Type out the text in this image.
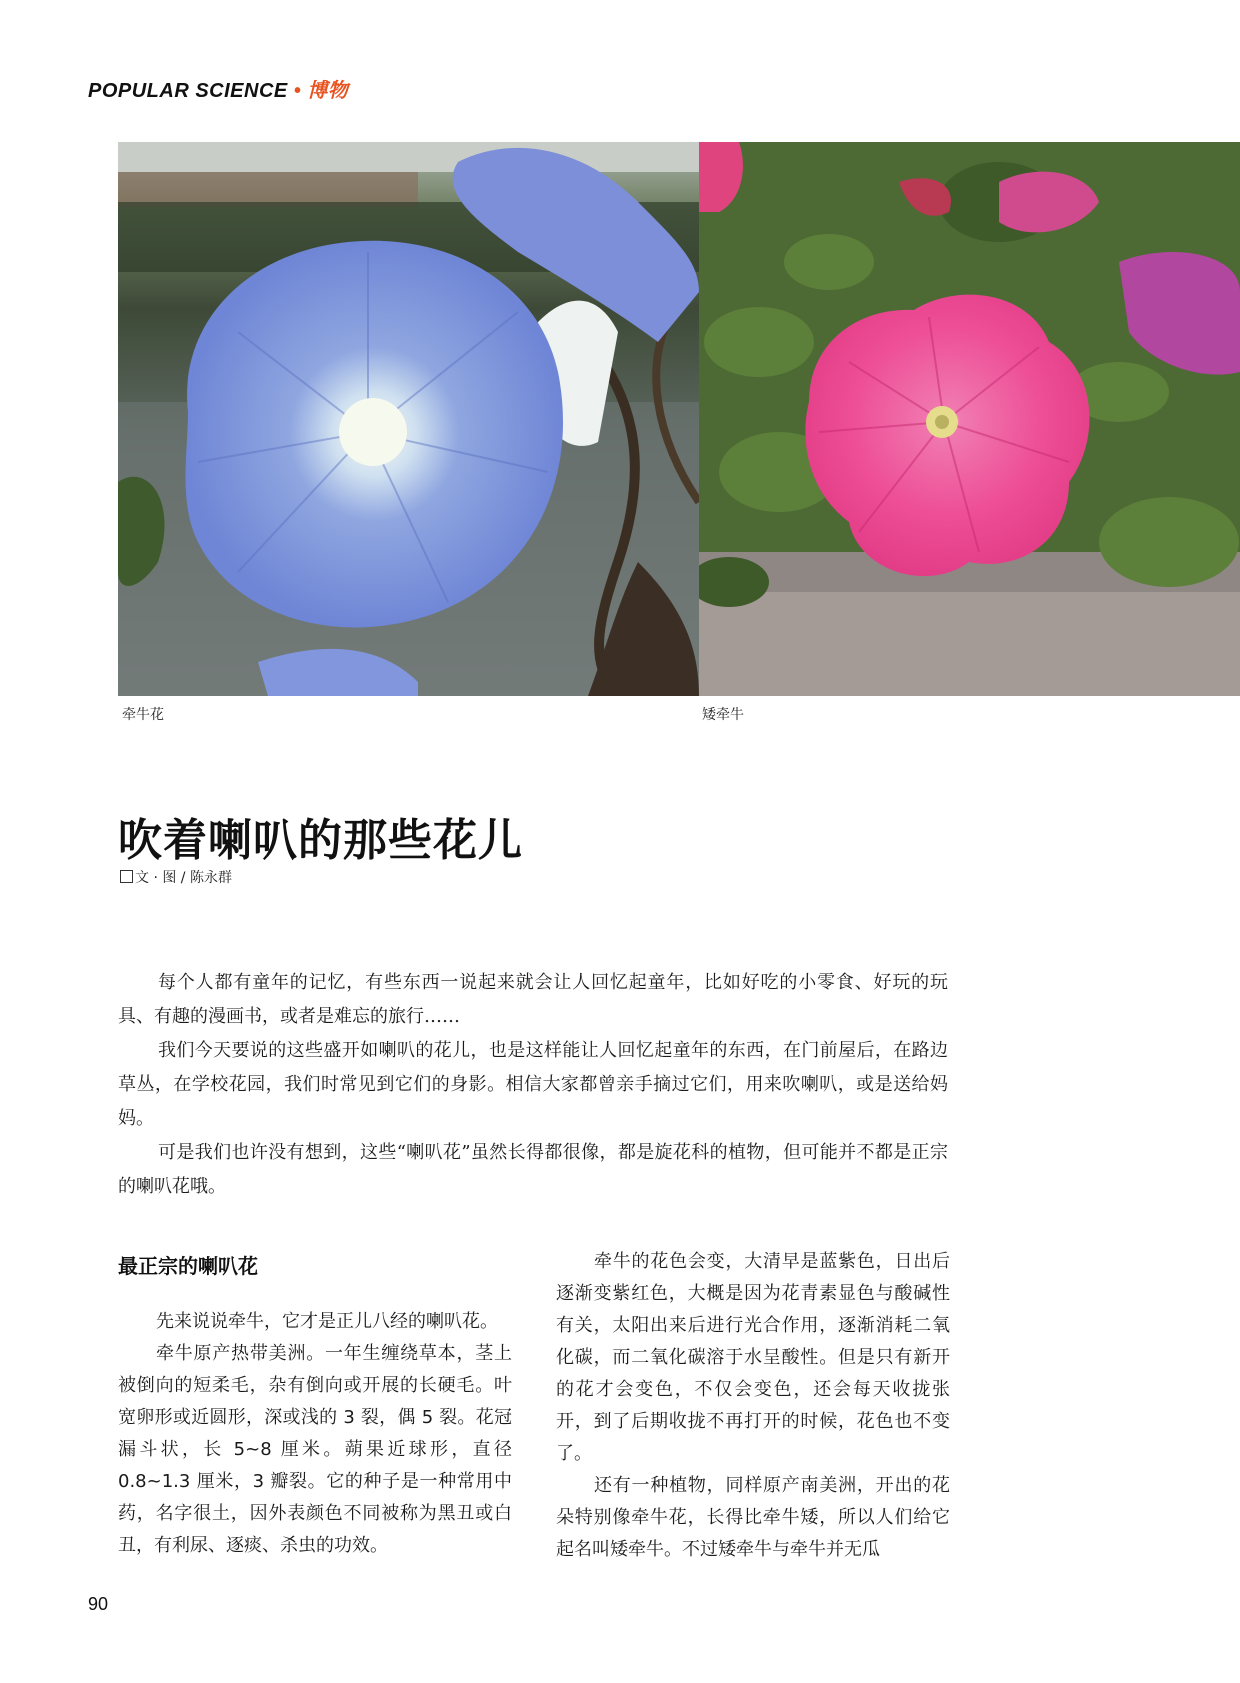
POPULAR SCIENCE • 博物
牵牛花	矮牵牛
吹着喇叭的那些花儿
文 · 图 / 陈永群

每个人都有童年的记忆，有些东西一说起来就会让人回忆起童年，比如好吃的小零食、好玩的玩具、有趣的漫画书，或者是难忘的旅行……

我们今天要说的这些盛开如喇叭的花儿，也是这样能让人回忆起童年的东西，在门前屋后，在路边草丛，在学校花园，我们时常见到它们的身影。相信大家都曾亲手摘过它们，用来吹喇叭，或是送给妈妈。

可是我们也许没有想到，这些“喇叭花”虽然长得都很像，都是旋花科的植物，但可能并不都是正宗的喇叭花哦。

最正宗的喇叭花

先来说说牵牛，它才是正儿八经的喇叭花。

牵牛原产热带美洲。一年生缠绕草本，茎上被倒向的短柔毛，杂有倒向或开展的长硬毛。叶宽卵形或近圆形，深或浅的 3 裂，偶 5 裂。花冠漏斗状，长 5~8 厘米。蒴果近球形，直径 0.8~1.3 厘米，3 瓣裂。它的种子是一种常用中药，名字很土，因外表颜色不同被称为黑丑或白丑，有利尿、逐痰、杀虫的功效。

牵牛的花色会变，大清早是蓝紫色，日出后逐渐变紫红色，大概是因为花青素显色与酸碱性有关，太阳出来后进行光合作用，逐渐消耗二氧化碳，而二氧化碳溶于水呈酸性。但是只有新开的花才会变色，不仅会变色，还会每天收拢张开，到了后期收拢不再打开的时候，花色也不变了。

还有一种植物，同样原产南美洲，开出的花朵特别像牵牛花，长得比牵牛矮，所以人们给它起名叫矮牵牛。不过矮牵牛与牵牛并无瓜

90
